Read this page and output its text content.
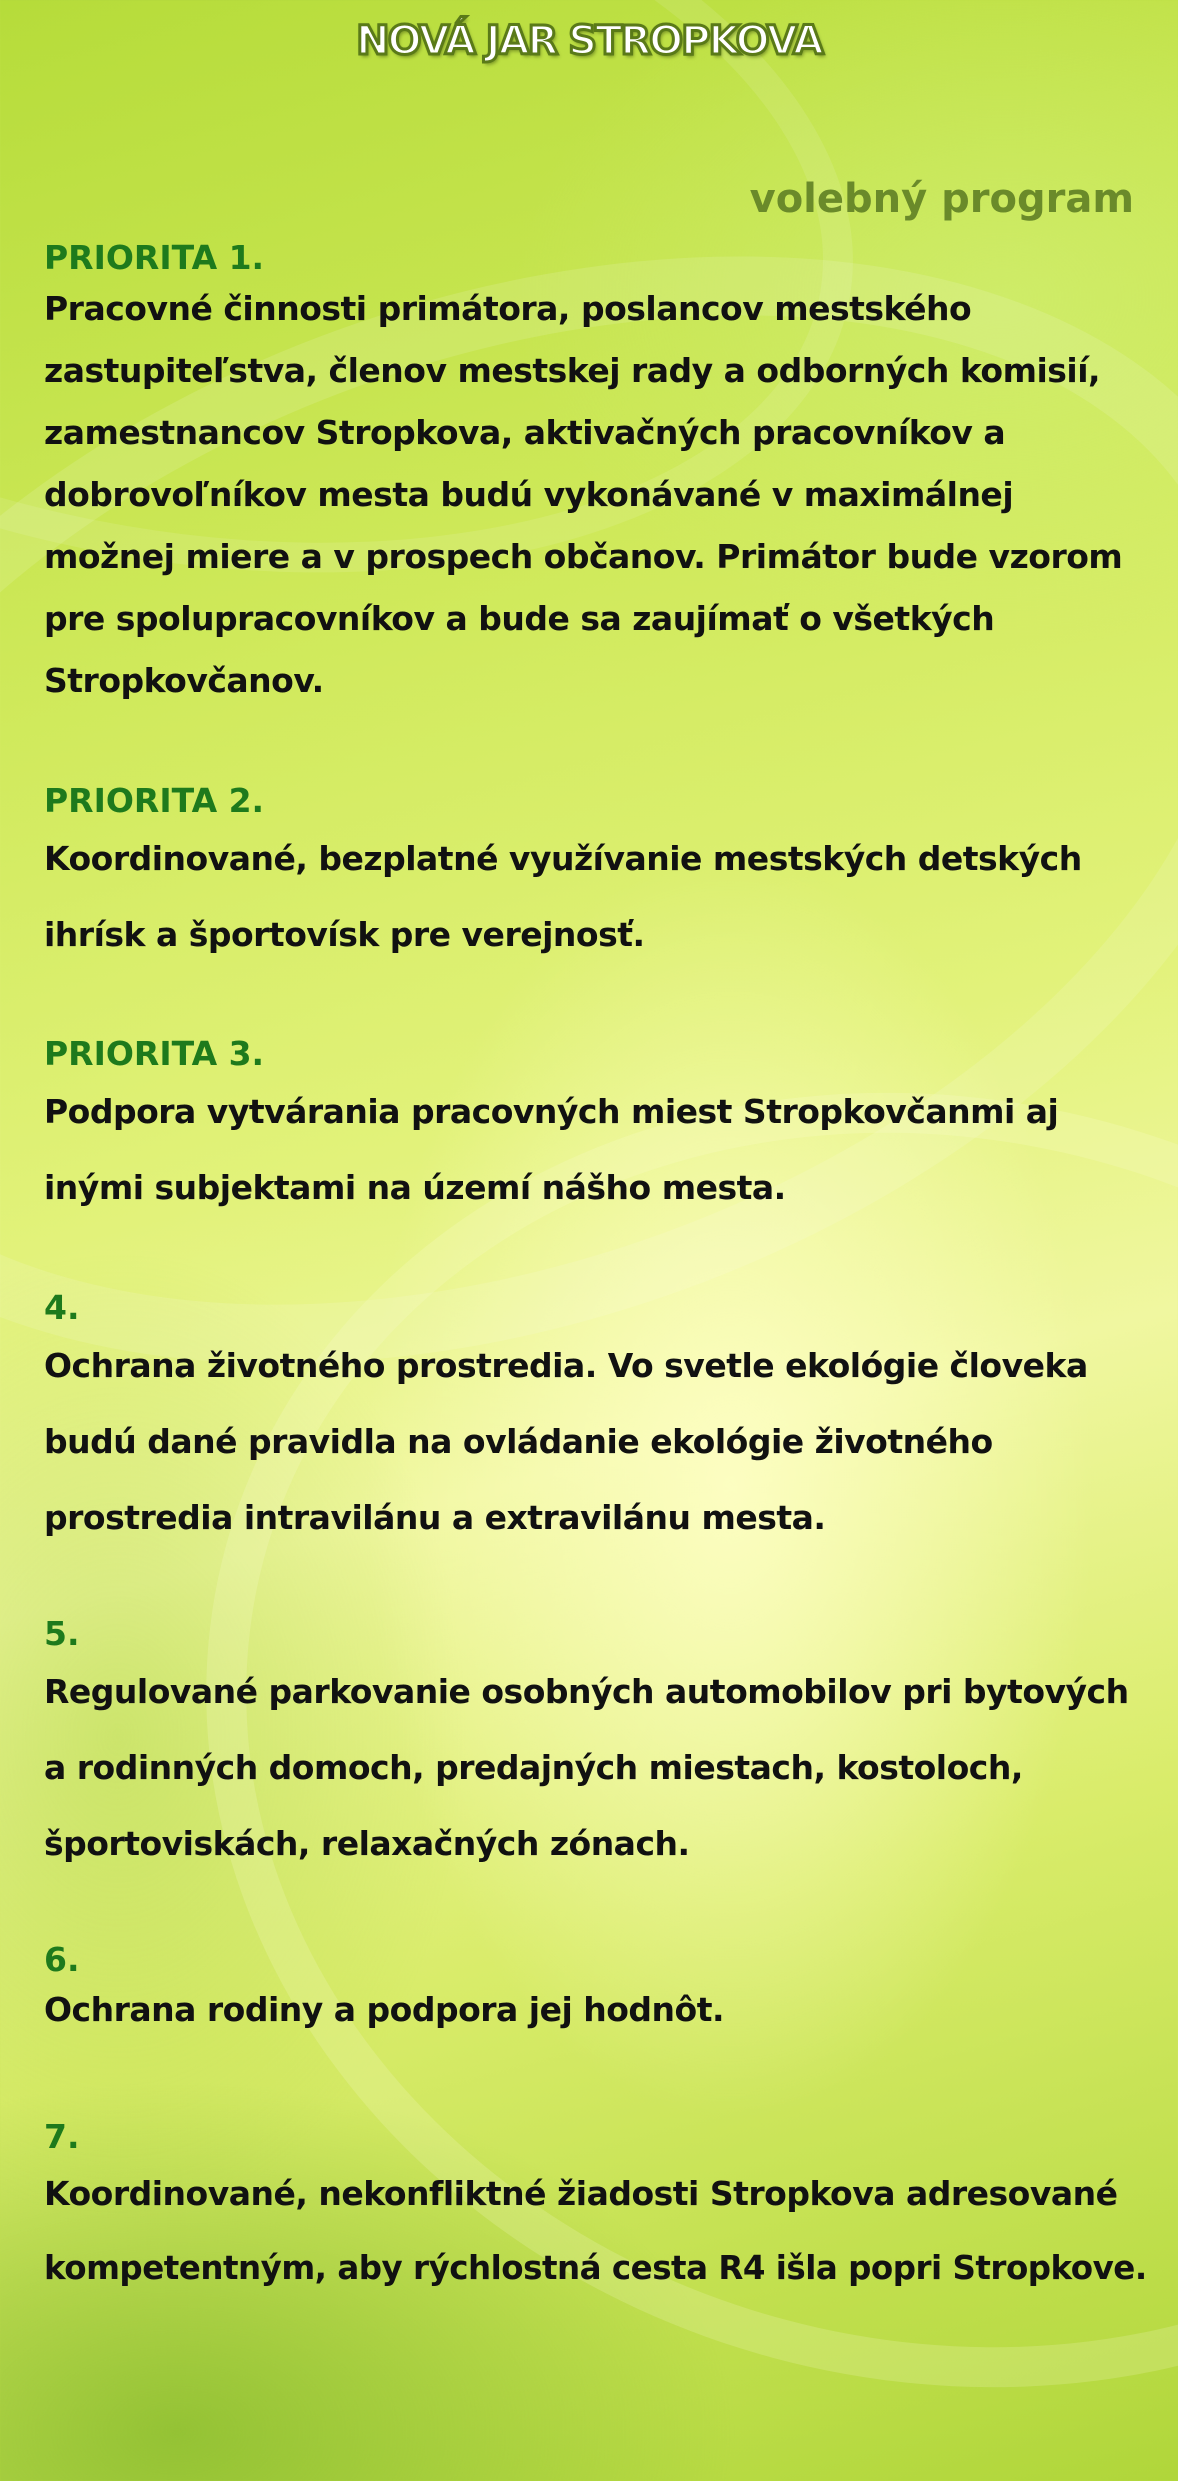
NOVÁ JAR STROPKOVA
volebný program
PRIORITA 1.
Pracovné činnosti primátora, poslancov mestského
zastupiteľstva, členov mestskej rady a odborných komisií,
zamestnancov Stropkova, aktivačných pracovníkov a
dobrovoľníkov mesta budú vykonávané v maximálnej
možnej miere a v prospech občanov. Primátor bude vzorom
pre spolupracovníkov a bude sa zaujímať o všetkých
Stropkovčanov.
PRIORITA 2.
Koordinované, bezplatné využívanie mestských detských
ihrísk a športovísk pre verejnosť.
PRIORITA 3.
Podpora vytvárania pracovných miest Stropkovčanmi aj
inými subjektami na území nášho mesta.
4.
Ochrana životného prostredia. Vo svetle ekológie človeka
budú dané pravidla na ovládanie ekológie životného
prostredia intravilánu a extravilánu mesta.
5.
Regulované parkovanie osobných automobilov pri bytových
a rodinných domoch, predajných miestach, kostoloch,
športoviskách, relaxačných zónach.
6.
Ochrana rodiny a podpora jej hodnôt.
7.
Koordinované, nekonfliktné žiadosti Stropkova adresované
kompetentným, aby rýchlostná cesta R4 išla popri Stropkove.
